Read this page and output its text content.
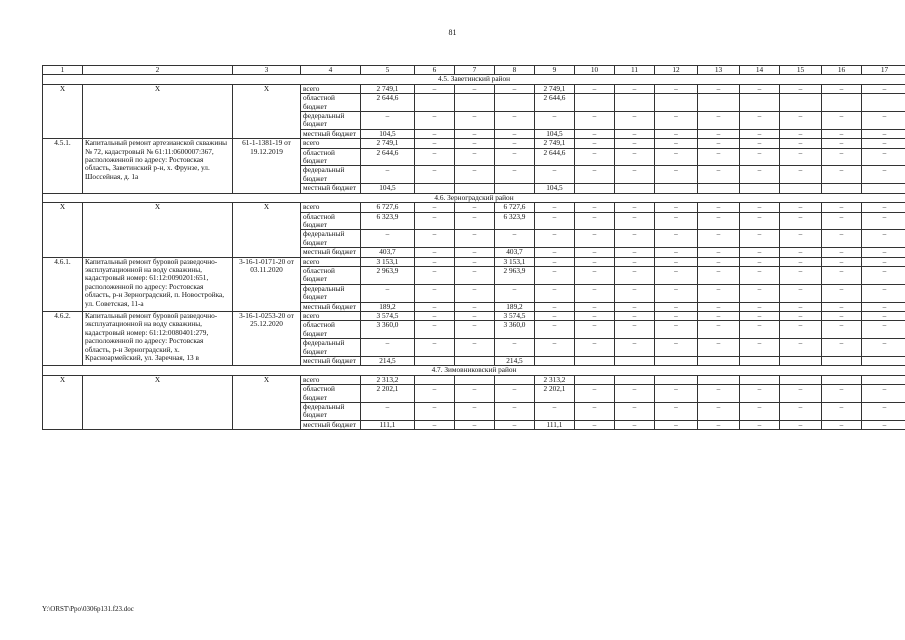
81
1	2	3	4	5	6	7	8	9	10	11	12	13	14	15	16	17
4.5. Заветинский район																
Х	Х	Х	всего	2 749,1	–	–	–	2 749,1	–	–	–	–	–	–	–	–
			областной бюджет	2 644,6				2 644,6								
			федеральный бюджет	–	–	–	–	–	–	–	–	–	–	–	–	–
			местный бюджет	104,5	–	–	–	104,5	–	–	–	–	–	–	–	–
4.5.1.	Капитальный ремонт артезианской скважины № 72, кадастровый № 61:11:0600007:367, расположенной по адресу: Ростовская область, Заветинский р-н, х. Фрунзе, ул. Шоссейная, д. 1а	61-1-1381-19 от 19.12.2019	всего	2 749,1	–	–	–	2 749,1	–	–	–	–	–	–	–	–
			областной бюджет	2 644,6	–	–	–	2 644,6	–	–	–	–	–	–	–	–
			федеральный бюджет	–	–	–	–	–	–	–	–	–	–	–	–	–
			местный бюджет	104,5				104,5								
4.6. Зерноградский район																
Х	Х	Х	всего	6 727,6	–	–	6 727,6	–	–	–	–	–	–	–	–	–
			областной бюджет	6 323,9	–	–	6 323,9	–	–	–	–	–	–	–	–	–
			федеральный бюджет	–	–	–	–	–	–	–	–	–	–	–	–	–
			местный бюджет	403,7	–	–	403,7	–	–	–	–	–	–	–	–	–
4.6.1.	Капитальный ремонт буровой разведочно-эксплуатационной на воду скважины, кадастровый номер: 61:12:0090201:651, расположенной по адресу: Ростовская область, р-н Зерноградский, п. Новостройка, ул. Советская, 11-а	3-16-1-0171-20 от 03.11.2020	всего	3 153,1	–	–	3 153,1	–	–	–	–	–	–	–	–	–
			областной бюджет	2 963,9	–	–	2 963,9	–	–	–	–	–	–	–	–	–
			федеральный бюджет	–	–	–	–	–	–	–	–	–	–	–	–	–
			местный бюджет	189,2	–	–	189,2	–	–	–	–	–	–	–	–	–
4.6.2.	Капитальный ремонт буровой разведочно-эксплуатационной на воду скважины, кадастровый номер: 61:12:0080401:279, расположенной по адресу: Ростовская область, р-н Зерноградский, х. Красноармейский, ул. Заречная, 13 в	3-16-1-0253-20 от 25.12.2020	всего	3 574,5	–	–	3 574,5	–	–	–	–	–	–	–	–	–
			областной бюджет	3 360,0	–	–	3 360,0	–	–	–	–	–	–	–	–	–
			федеральный бюджет	–	–	–	–	–	–	–	–	–	–	–	–	–
			местный бюджет	214,5			214,5									
4.7. Зимовниковский район																
Х	Х	Х	всего	2 313,2				2 313,2								
			областной бюджет	2 202,1	–	–	–	2 202,1	–	–	–	–	–	–	–	–
			федеральный бюджет	–	–	–	–	–	–	–	–	–	–	–	–	–
			местный бюджет	111,1	–	–	–	111,1	–	–	–	–	–	–	–	–
Y:\ORST\Ppo\0306p131.f23.doc
